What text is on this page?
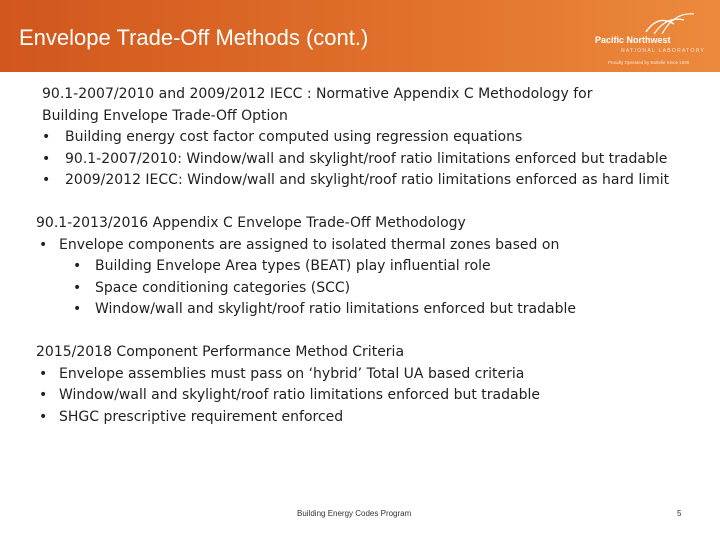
Envelope Trade-Off Methods (cont.)	Pacific Northwest
NATIONAL LABORATORY
Proudly Operated by Battelle Since 1965

90.1-2007/2010 and 2009/2012 IECC : Normative Appendix C Methodology for
Building Envelope Trade-Off Option

• Building energy cost factor computed using regression equations
• 90.1-2007/2010: Window/wall and skylight/roof ratio limitations enforced but tradable
• 2009/2012 IECC: Window/wall and skylight/roof ratio limitations enforced as hard limit

90.1-2013/2016 Appendix C Envelope Trade-Off Methodology

• Envelope components are assigned to isolated thermal zones based on
• Building Envelope Area types (BEAT) play influential role
• Space conditioning categories (SCC)
• Window/wall and skylight/roof ratio limitations enforced but tradable

2015/2018 Component Performance Method Criteria

• Envelope assemblies must pass on ‘hybrid’ Total UA based criteria
• Window/wall and skylight/roof ratio limitations enforced but tradable
• SHGC prescriptive requirement enforced
Building Energy Codes Program	5
